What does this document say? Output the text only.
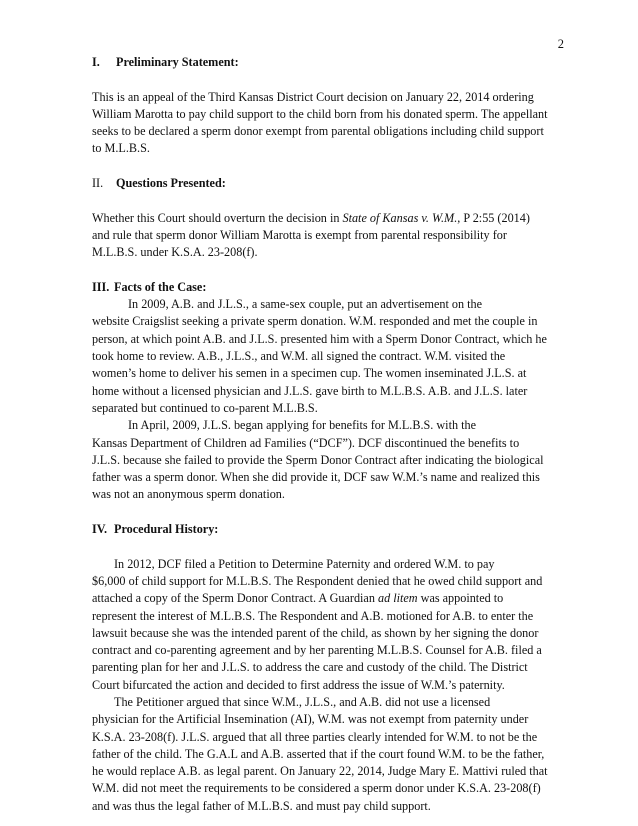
2
I. Preliminary Statement:
This is an appeal of the Third Kansas District Court decision on January 22, 2014 ordering
William Marotta to pay child support to the child born from his donated sperm. The appellant
seeks to be declared a sperm donor exempt from parental obligations including child support
to M.L.B.S.
II. Questions Presented:
Whether this Court should overturn the decision in State of Kansas v. W.M., P 2:55 (2014)
and rule that sperm donor William Marotta is exempt from parental responsibility for
M.L.B.S. under K.S.A. 23-208(f).
III. Facts of the Case:
In 2009, A.B. and J.L.S., a same-sex couple, put an advertisement on the
website Craigslist seeking a private sperm donation. W.M. responded and met the couple in
person, at which point A.B. and J.L.S. presented him with a Sperm Donor Contract, which he
took home to review. A.B., J.L.S., and W.M. all signed the contract. W.M. visited the
women’s home to deliver his semen in a specimen cup. The women inseminated J.L.S. at
home without a licensed physician and J.L.S. gave birth to M.L.B.S. A.B. and J.L.S. later
separated but continued to co-parent M.L.B.S.
In April, 2009, J.L.S. began applying for benefits for M.L.B.S. with the
Kansas Department of Children ad Families (“DCF”). DCF discontinued the benefits to
J.L.S. because she failed to provide the Sperm Donor Contract after indicating the biological
father was a sperm donor. When she did provide it, DCF saw W.M.’s name and realized this
was not an anonymous sperm donation.
IV. Procedural History:
In 2012, DCF filed a Petition to Determine Paternity and ordered W.M. to pay
$6,000 of child support for M.L.B.S. The Respondent denied that he owed child support and
attached a copy of the Sperm Donor Contract. A Guardian ad litem was appointed to
represent the interest of M.L.B.S. The Respondent and A.B. motioned for A.B. to enter the
lawsuit because she was the intended parent of the child, as shown by her signing the donor
contract and co-parenting agreement and by her parenting M.L.B.S. Counsel for A.B. filed a
parenting plan for her and J.L.S. to address the care and custody of the child. The District
Court bifurcated the action and decided to first address the issue of W.M.’s paternity.
The Petitioner argued that since W.M., J.L.S., and A.B. did not use a licensed
physician for the Artificial Insemination (AI), W.M. was not exempt from paternity under
K.S.A. 23-208(f). J.L.S. argued that all three parties clearly intended for W.M. to not be the
father of the child. The G.A.L and A.B. asserted that if the court found W.M. to be the father,
he would replace A.B. as legal parent. On January 22, 2014, Judge Mary E. Mattivi ruled that
W.M. did not meet the requirements to be considered a sperm donor under K.S.A. 23-208(f)
and was thus the legal father of M.L.B.S. and must pay child support.
